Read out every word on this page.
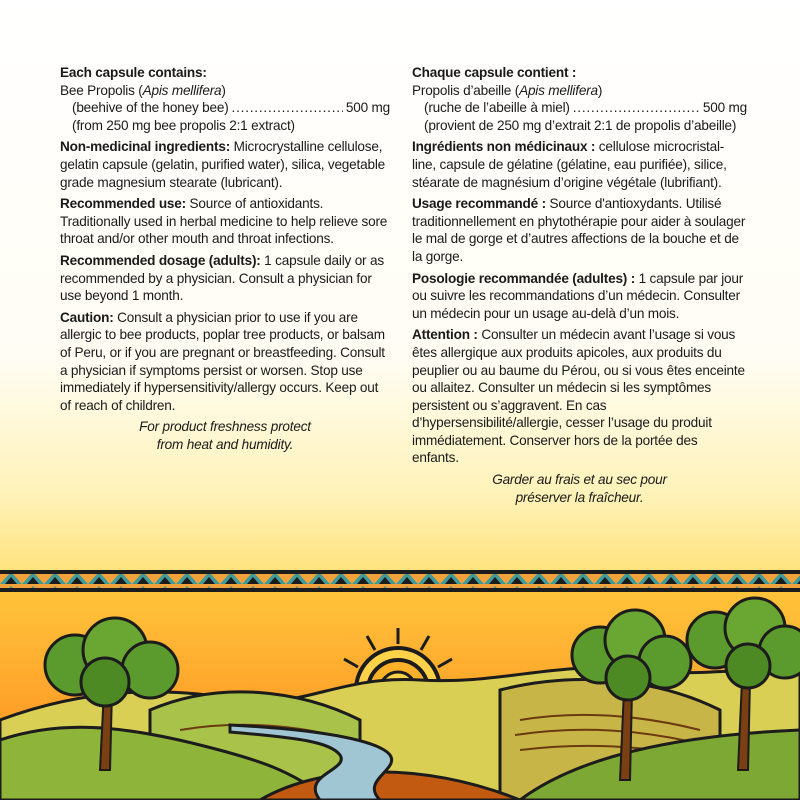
Each capsule contains:
Bee Propolis (Apis mellifera)
(beehive of the honey bee) . . .	500 mg
(from 250 mg bee propolis 2:1 extract)

Non-medicinal ingredients: Microcrystalline cellulose, gelatin capsule (gelatin, purified water), silica, vegetable grade magnesium stearate (lubricant).

Recommended use: Source of antioxidants. Traditionally used in herbal medicine to help relieve sore throat and/or other mouth and throat infections.

Recommended dosage (adults): 1 capsule daily or as recommended by a physician. Consult a physician for use beyond 1 month.

Caution: Consult a physician prior to use if you are allergic to bee products, poplar tree products, or balsam of Peru, or if you are pregnant or breastfeeding. Consult a physician if symptoms persist or worsen. Stop use immediately if hypersensitivity/allergy occurs. Keep out of reach of children.

For product freshness protect
from heat and humidity.

Chaque capsule contient :
Propolis d’abeille (Apis mellifera)
(ruche de l’abeille à miel) . . .	500 mg
(provient de 250 mg d’extrait 2:1 de propolis d’abeille)

Ingrédients non médicinaux : cellulose microcristal-line, capsule de gélatine (gélatine, eau purifiée), silice, stéarate de magnésium d’origine végétale (lubrifiant).

Usage recommandé : Source d'antioxydants. Utilisé traditionnellement en phytothérapie pour aider à soulager le mal de gorge et d’autres affections de la bouche et de la gorge.

Posologie recommandée (adultes) : 1 capsule par jour ou suivre les recommandations d’un médecin. Consulter un médecin pour un usage au-delà d’un mois.

Attention : Consulter un médecin avant l’usage si vous êtes allergique aux produits apicoles, aux produits du peuplier ou au baume du Pérou, ou si vous êtes enceinte ou allaitez. Consulter un médecin si les symptômes persistent ou s’aggravent. En cas d’hypersensibilité/allergie, cesser l’usage du produit immédiatement. Conserver hors de la portée des enfants.

Garder au frais et au sec pour
préserver la fraîcheur.
